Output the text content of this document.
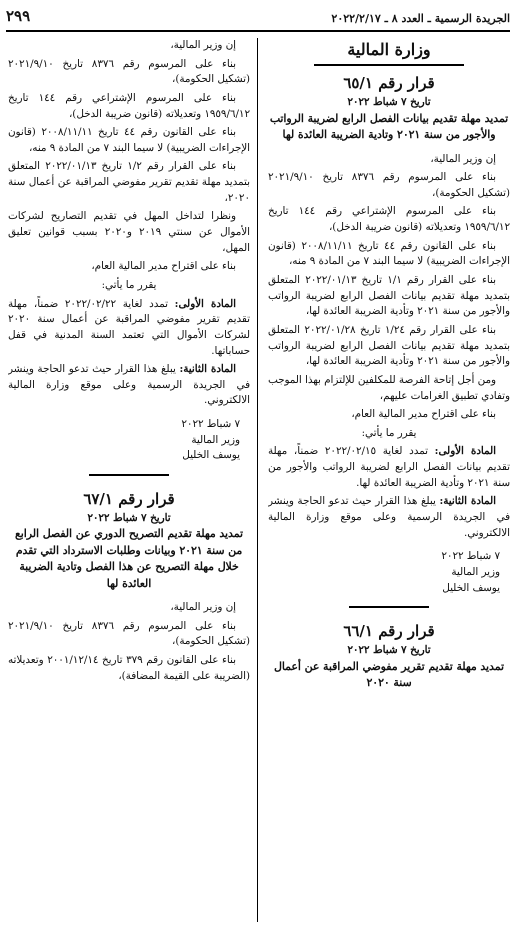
الجريدة الرسمية ـ العدد ٨ ـ ٢٠٢٢/٢/١٧
٢٩٩
وزارة المالية

قرار رقم ٦٥/١

تاريخ ٧ شباط ٢٠٢٢

تمديد مهلة تقديم بيانات الفصل الرابع لضريبة الرواتب والأجور من سنة ٢٠٢١ وتادية الضريبة العائدة لها

إن وزير المالية،

بناء على المرسوم رقم ٨٣٧٦ تاريخ ٢٠٢١/٩/١٠ (تشكيل الحكومة)،

بناء على المرسوم الإشتراعي رقم ١٤٤ تاريخ ١٩٥٩/٦/١٢ وتعديلاته (قانون ضريبة الدخل)،

بناء على القانون رقم ٤٤ تاريخ ٢٠٠٨/١١/١١ (قانون الإجراءات الضريبية) لا سيما البند ٧ من المادة ٩ منه،

بناء على القرار رقم ١/١ تاريخ ٢٠٢٢/٠١/١٣ المتعلق بتمديد مهلة تقديم بيانات الفصل الرابع لضريبة الرواتب والأجور من سنة ٢٠٢١ وتأدية الضريبة العائدة لها،

بناء على القرار رقم ١/٢٤ تاريخ ٢٠٢٢/٠١/٢٨ المتعلق بتمديد مهلة تقديم بيانات الفصل الرابع لضريبة الرواتب والأجور من سنة ٢٠٢١ وتأدية الضريبة العائدة لها،

ومن أجل إتاحة الفرصة للمكلفين للإلتزام بهذا الموجب وتفادي تطبيق الغرامات عليهم،

بناء على اقتراح مدير المالية العام،

يقرر ما يأتي:

المادة الأولى: تمدد لغاية ٢٠٢٢/٠٢/١٥ ضمناً، مهلة تقديم بيانات الفصل الرابع لضريبة الرواتب والأجور من سنة ٢٠٢١ وتأدية الضريبة العائدة لها.

المادة الثانية: يبلغ هذا القرار حيث تدعو الحاجة وينشر في الجريدة الرسمية وعلى موقع وزارة المالية الالكتروني.

٧ شباط ٢٠٢٢

وزير المالية

يوسف الخليل

قرار رقم ٦٦/١

تاريخ ٧ شباط ٢٠٢٢

تمديد مهلة تقديم تقرير مفوضي المراقبة عن أعمال سنة ٢٠٢٠

إن وزير المالية،

بناء على المرسوم رقم ٨٣٧٦ تاريخ ٢٠٢١/٩/١٠ (تشكيل الحكومة)،

بناء على المرسوم الإشتراعي رقم ١٤٤ تاريخ ١٩٥٩/٦/١٢ وتعديلاته (قانون ضريبة الدخل)،

بناء على القانون رقم ٤٤ تاريخ ٢٠٠٨/١١/١١ (قانون الإجراءات الضريبية) لا سيما البند ٧ من المادة ٩ منه،

بناء على القرار رقم ١/٢ تاريخ ٢٠٢٢/٠١/١٣ المتعلق بتمديد مهلة تقديم تقرير مفوضي المراقبة عن أعمال سنة ٢٠٢٠،

ونظرا لتداخل المهل في تقديم التصاريح لشركات الأموال عن سنتي ٢٠١٩ و٢٠٢٠ بسبب قوانين تعليق المهل،

بناء على اقتراح مدير المالية العام،

يقرر ما يأتي:

المادة الأولى: تمدد لغاية ٢٠٢٢/٠٢/٢٢ ضمناً، مهلة تقديم تقرير مفوضي المراقبة عن أعمال سنة ٢٠٢٠ لشركات الأموال التي تعتمد السنة المدنية في قفل حساباتها.

المادة الثانية: يبلغ هذا القرار حيث تدعو الحاجة وينشر في الجريدة الرسمية وعلى موقع وزارة المالية الالكتروني.

٧ شباط ٢٠٢٢

وزير المالية

يوسف الخليل

قرار رقم ٦٧/١

تاريخ ٧ شباط ٢٠٢٢

تمديد مهلة تقديم التصريح الدوري عن الفصل الرابع من سنة ٢٠٢١ وبيانات وطلبات الاسترداد التي تقدم خلال مهلة التصريح عن هذا الفصل وتادية الضريبة العائدة لها

إن وزير المالية،

بناء على المرسوم رقم ٨٣٧٦ تاريخ ٢٠٢١/٩/١٠ (تشكيل الحكومة)،

بناء على القانون رقم ٣٧٩ تاريخ ٢٠٠١/١٢/١٤ وتعديلاته (الضريبة على القيمة المضافة)،
